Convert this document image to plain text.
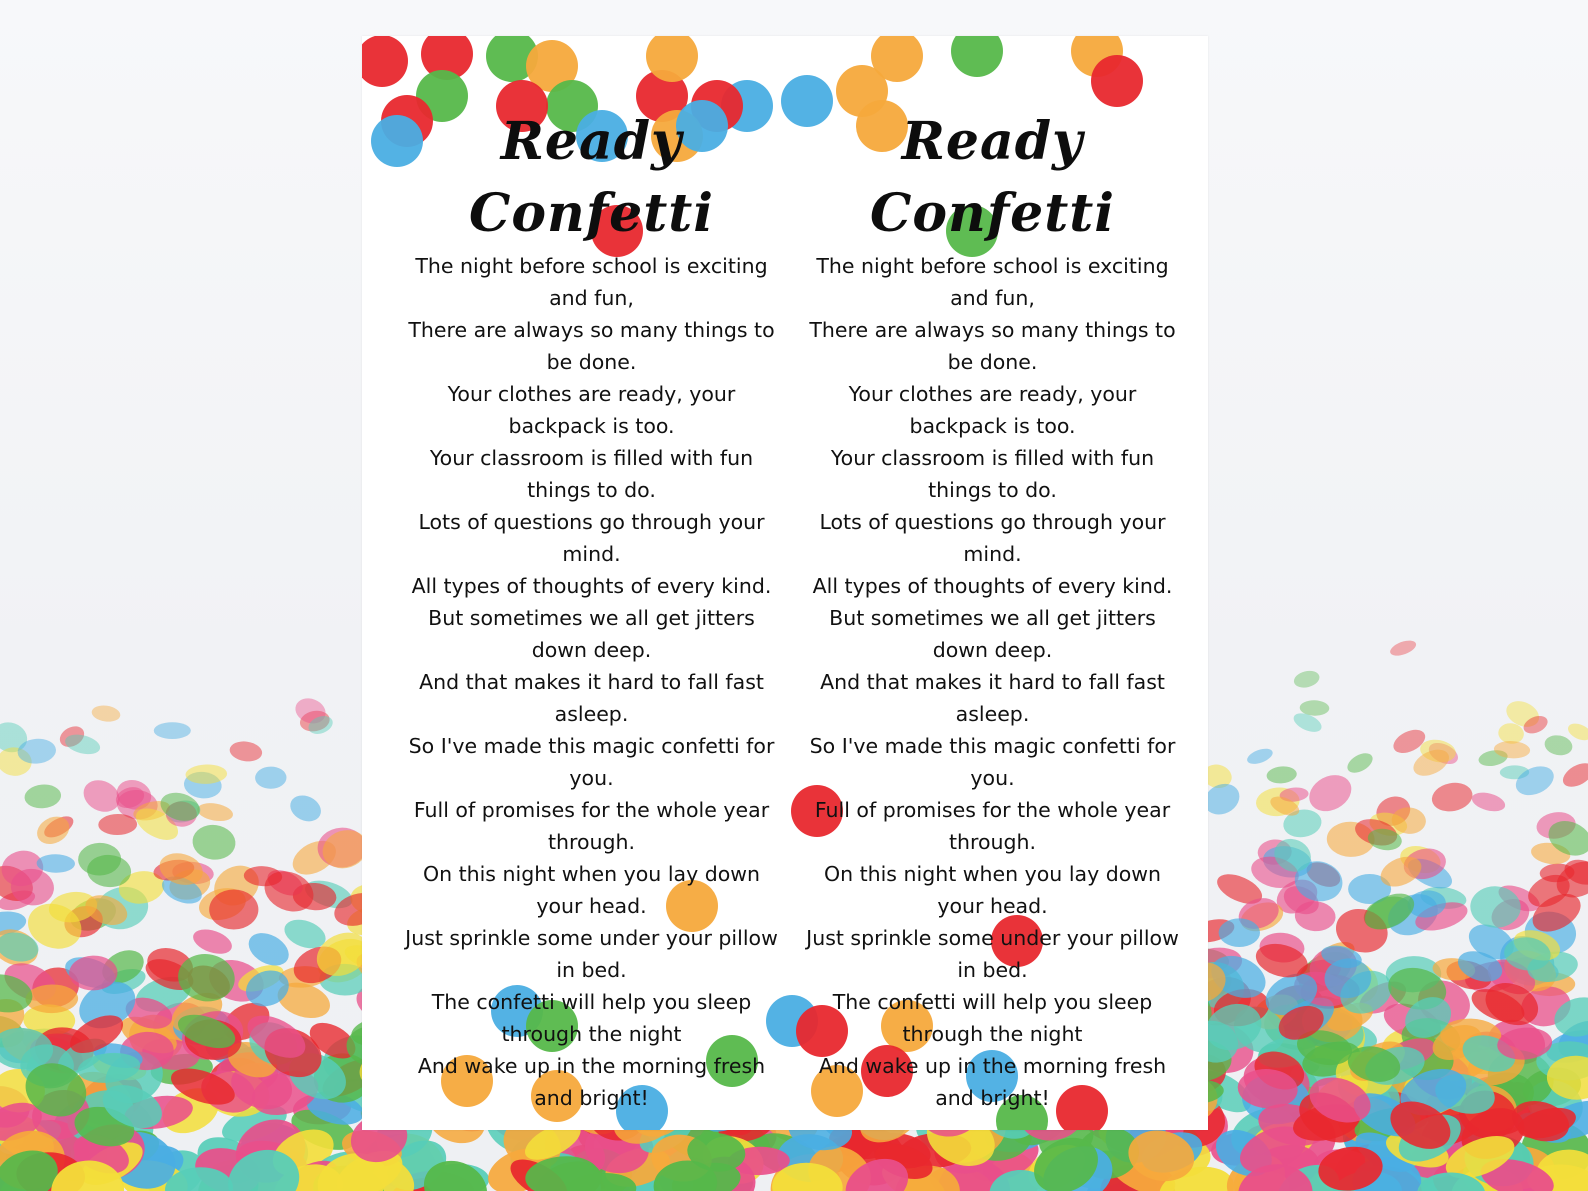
Ready Confetti
The night before school is exciting and fun,
There are always so many things to be done.
Your clothes are ready, your backpack is too.
Your classroom is filled with fun things to do.
Lots of questions go through your mind.
All types of thoughts of every kind.
But sometimes we all get jitters down deep.
And that makes it hard to fall fast asleep.
So I've made this magic confetti for you.
Full of promises for the whole year through.
On this night when you lay down your head.
Just sprinkle some under your pillow in bed.
The confetti will help you sleep through the night
And wake up in the morning fresh and bright!
Ready Confetti
The night before school is exciting and fun,
There are always so many things to be done.
Your clothes are ready, your backpack is too.
Your classroom is filled with fun things to do.
Lots of questions go through your mind.
All types of thoughts of every kind.
But sometimes we all get jitters down deep.
And that makes it hard to fall fast asleep.
So I've made this magic confetti for you.
Full of promises for the whole year through.
On this night when you lay down your head.
Just sprinkle some under your pillow in bed.
The confetti will help you sleep through the night
And wake up in the morning fresh and bright!
